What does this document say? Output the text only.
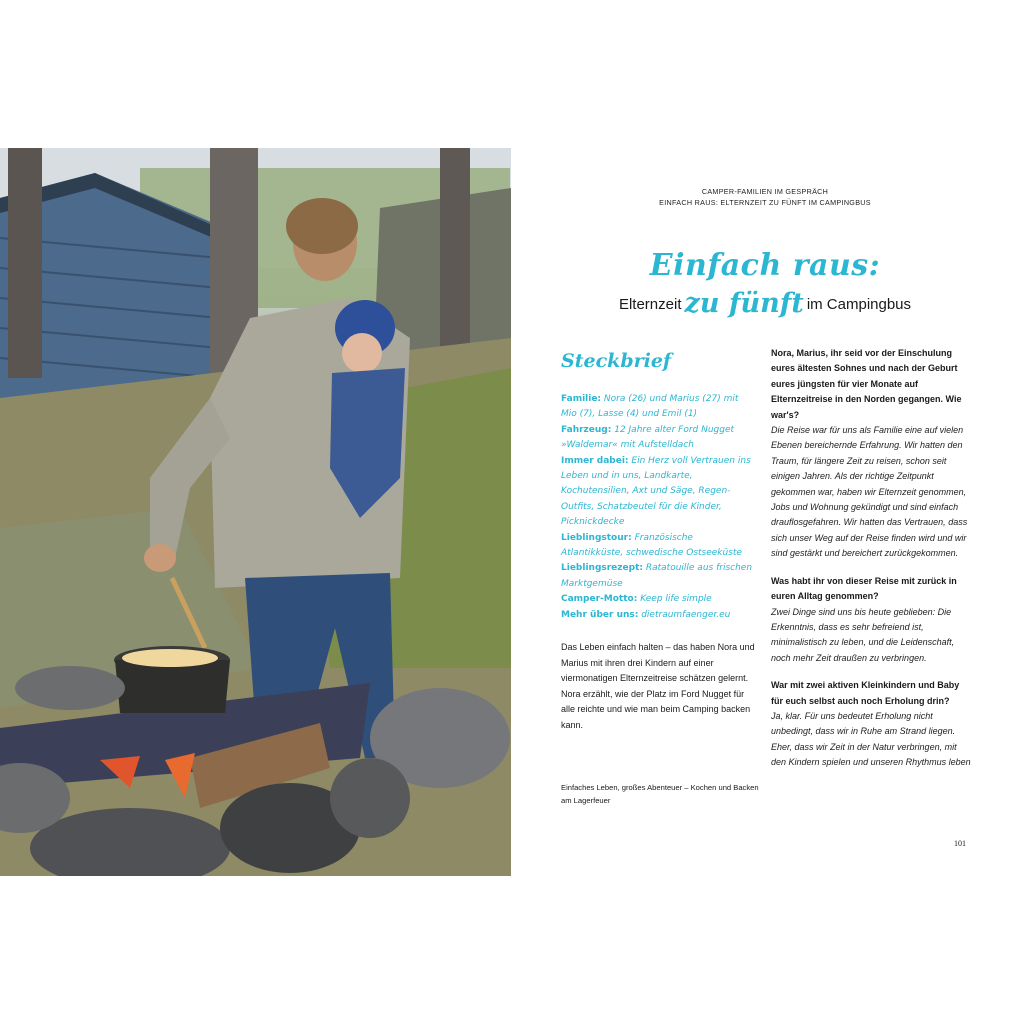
CAMPER-FAMILIEN IM GESPRÄCH
EINFACH RAUS: ELTERNZEIT ZU FÜNFT IM CAMPINGBUS
Einfach raus:
Elternzeit zu fünft im Campingbus
Steckbrief

Familie: Nora (26) und Marius (27) mit Mio (7), Lasse (4) und Emil (1)

Fahrzeug: 12 Jahre alter Ford Nugget »Waldemar« mit Aufstelldach

Immer dabei: Ein Herz voll Vertrauen ins Leben und in uns, Landkarte, Kochutensilien, Axt und Säge, Regen-Outfits, Schatzbeutel für die Kinder, Picknickdecke

Lieblingstour: Französische Atlantikküste, schwedische Ostseeküste

Lieblingsrezept: Ratatouille aus frischen Marktgemüse

Camper-Motto: Keep life simple

Mehr über uns: dietraumfaenger.eu

Das Leben einfach halten – das haben Nora und Marius mit ihren drei Kindern auf einer viermonatigen Elternzeitreise schätzen gelernt. Nora erzählt, wie der Platz im Ford Nugget für alle reichte und wie man beim Camping backen kann.
Einfaches Leben, großes Abenteuer – Kochen und Backen am Lagerfeuer

Nora, Marius, ihr seid vor der Einschulung eures ältesten Sohnes und nach der Geburt eures jüngsten für vier Monate auf Elternzeitreise in den Norden gegangen. Wie war's?

Die Reise war für uns als Familie eine auf vielen Ebenen bereichernde Erfahrung. Wir hatten den Traum, für längere Zeit zu reisen, schon seit einigen Jahren. Als der richtige Zeitpunkt gekommen war, haben wir Elternzeit genommen, Jobs und Wohnung gekündigt und sind einfach drauflosgefahren. Wir hatten das Vertrauen, dass sich unser Weg auf der Reise finden wird und wir sind gestärkt und bereichert zurückgekommen.

Was habt ihr von dieser Reise mit zurück in euren Alltag genommen?

Zwei Dinge sind uns bis heute geblieben: Die Erkenntnis, dass es sehr befreiend ist, minimalistisch zu leben, und die Leidenschaft, noch mehr Zeit draußen zu verbringen.

War mit zwei aktiven Kleinkindern und Baby für euch selbst auch noch Erholung drin?

Ja, klar. Für uns bedeutet Erholung nicht unbedingt, dass wir in Ruhe am Strand liegen. Eher, dass wir Zeit in der Natur verbringen, mit den Kindern spielen und unseren Rhythmus leben

101
